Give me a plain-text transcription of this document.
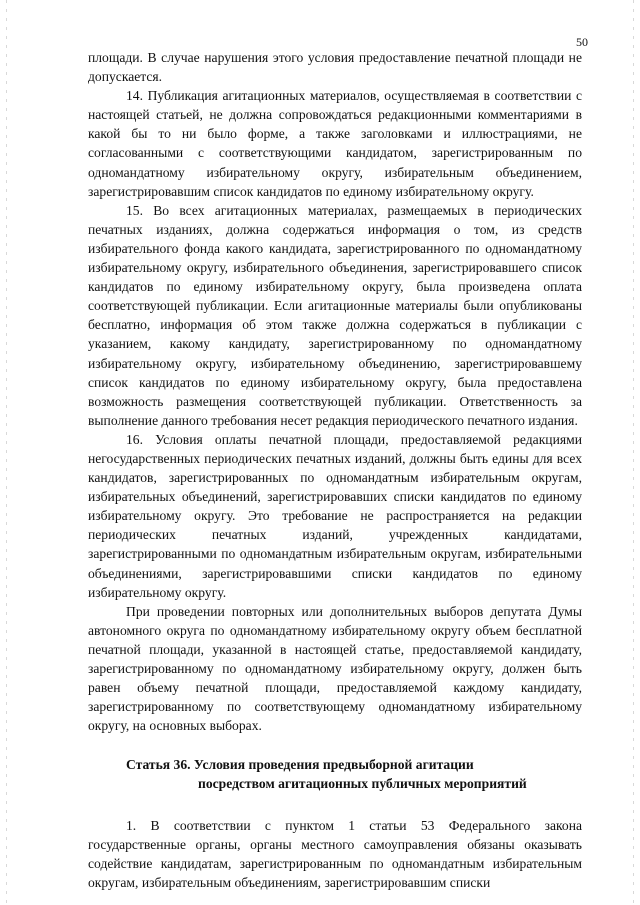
50

площади. В случае нарушения этого условия предоставление печатной площади не допускается.

14. Публикация агитационных материалов, осуществляемая в соответствии с настоящей статьей, не должна сопровождаться редакционными комментариями в какой бы то ни было форме, а также заголовками и иллюстрациями, не согласованными с соответствующими кандидатом, зарегистрированным по одномандатному избирательному округу, избирательным объединением, зарегистрировавшим список кандидатов по единому избирательному округу.

15. Во всех агитационных материалах, размещаемых в периодических печатных изданиях, должна содержаться информация о том, из средств избирательного фонда какого кандидата, зарегистрированного по одномандатному избирательному округу, избирательного объединения, зарегистрировавшего список кандидатов по единому избирательному округу, была произведена оплата соответствующей публикации. Если агитационные материалы были опубликованы бесплатно, информация об этом также должна содержаться в публикации с указанием, какому кандидату, зарегистрированному по одномандатному избирательному округу, избирательному объединению, зарегистрировавшему список кандидатов по единому избирательному округу, была предоставлена возможность размещения соответствующей публикации. Ответственность за выполнение данного требования несет редакция периодического печатного издания.

16. Условия оплаты печатной площади, предоставляемой редакциями негосударственных периодических печатных изданий, должны быть едины для всех кандидатов, зарегистрированных по одномандатным избирательным округам, избирательных объединений, зарегистрировавших списки кандидатов по единому избирательному округу. Это требование не распространяется на редакции периодических печатных изданий, учрежденных кандидатами, зарегистрированными по одномандатным избирательным округам, избирательными объединениями, зарегистрировавшими списки кандидатов по единому избирательному округу.

При проведении повторных или дополнительных выборов депутата Думы автономного округа по одномандатному избирательному округу объем бесплатной печатной площади, указанной в настоящей статье, предоставляемой кандидату, зарегистрированному по одномандатному избирательному округу, должен быть равен объему печатной площади, предоставляемой каждому кандидату, зарегистрированному по соответствующему одномандатному избирательному округу, на основных выборах.

Статья 36. Условия проведения предвыборной агитации
посредством агитационных публичных мероприятий

1. В соответствии с пунктом 1 статьи 53 Федерального закона государственные органы, органы местного самоуправления обязаны оказывать содействие кандидатам, зарегистрированным по одномандатным избирательным округам, избирательным объединениям, зарегистрировавшим списки
